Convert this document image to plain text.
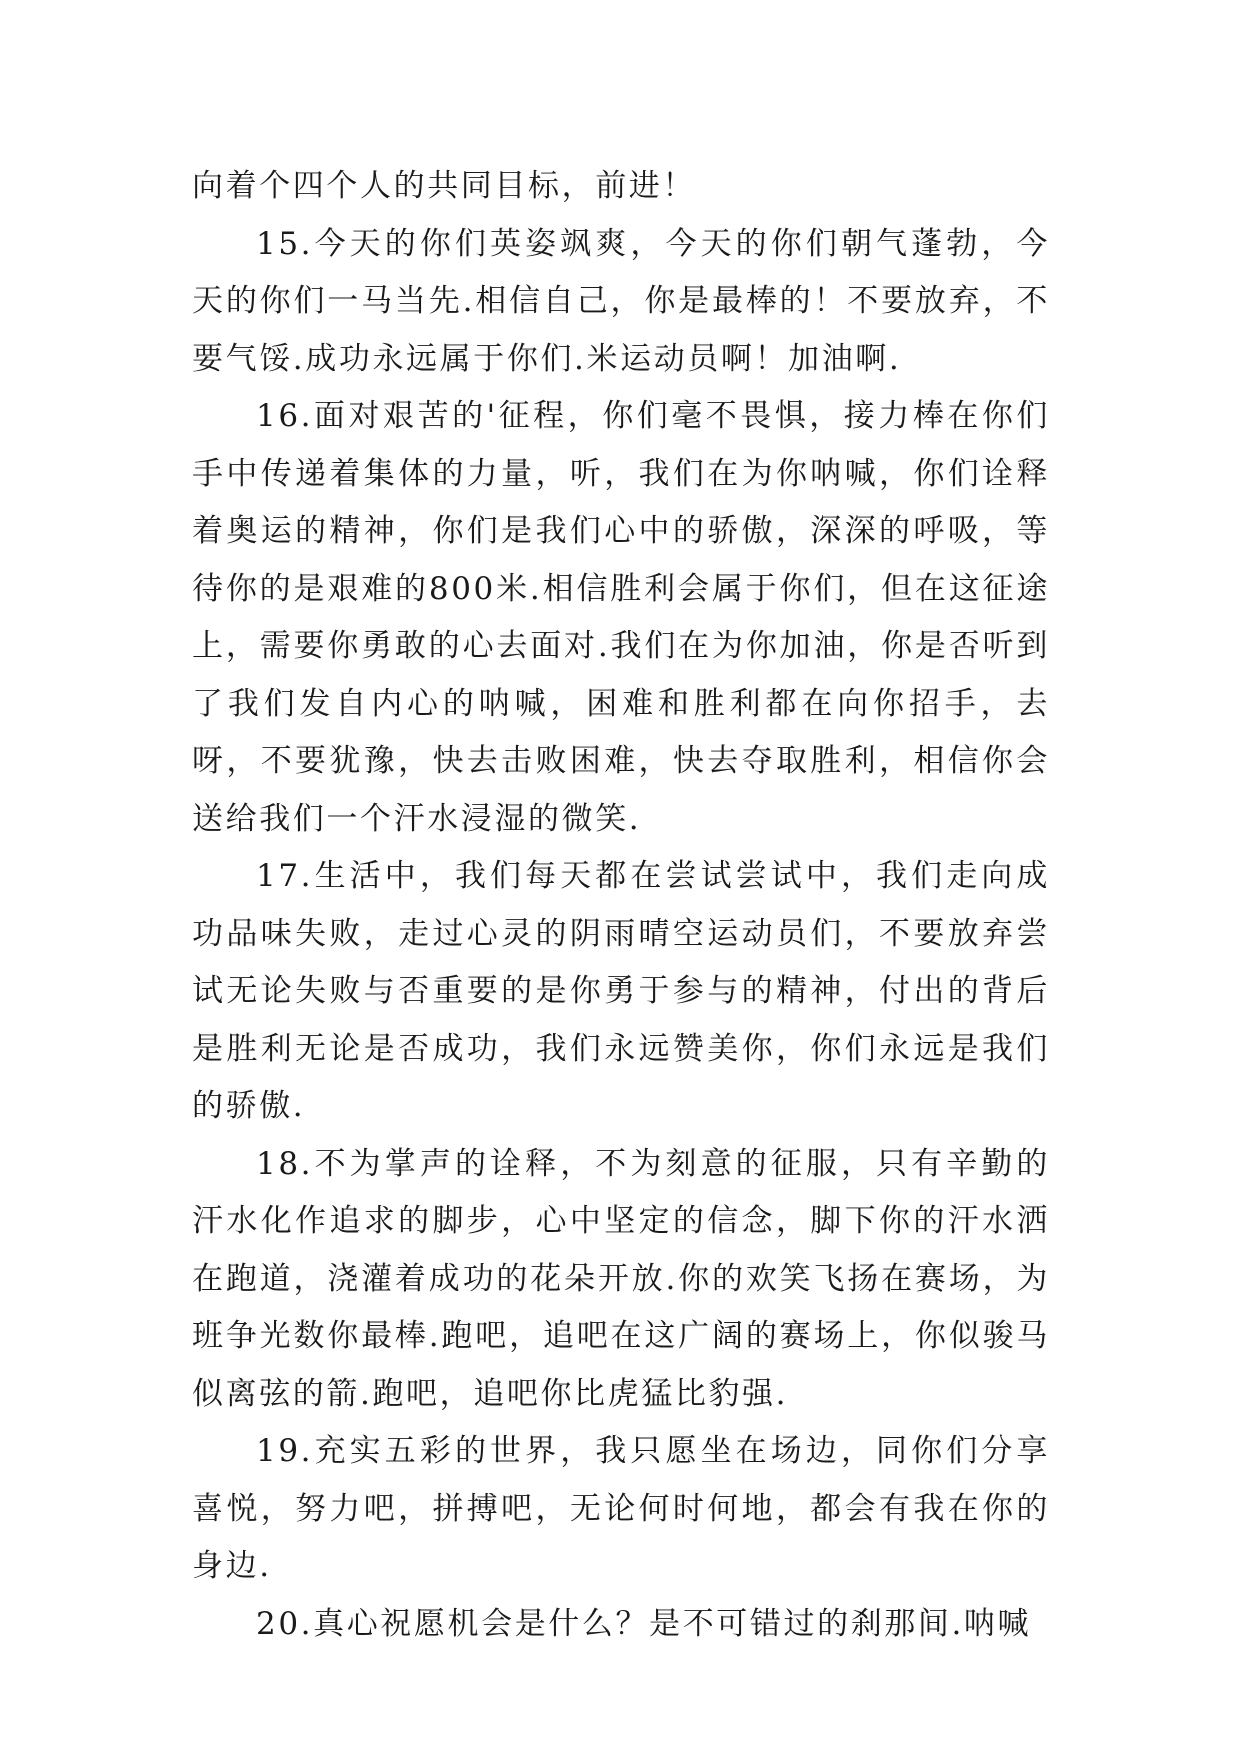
向着个四个人的共同目标，前进！

15.今天的你们英姿飒爽，今天的你们朝气蓬勃，今天的你们一马当先.相信自己，你是最棒的！不要放弃，不要气馁.成功永远属于你们.米运动员啊！加油啊.

16.面对艰苦的'征程，你们毫不畏惧，接力棒在你们手中传递着集体的力量，听，我们在为你呐喊，你们诠释着奥运的精神，你们是我们心中的骄傲，深深的呼吸，等待你的是艰难的800米.相信胜利会属于你们，但在这征途上，需要你勇敢的心去面对.我们在为你加油，你是否听到了我们发自内心的呐喊，困难和胜利都在向你招手，去呀，不要犹豫，快去击败困难，快去夺取胜利，相信你会送给我们一个汗水浸湿的微笑.

17.生活中，我们每天都在尝试尝试中，我们走向成功品味失败，走过心灵的阴雨晴空运动员们，不要放弃尝试无论失败与否重要的是你勇于参与的精神，付出的背后是胜利无论是否成功，我们永远赞美你，你们永远是我们的骄傲.

18.不为掌声的诠释，不为刻意的征服，只有辛勤的汗水化作追求的脚步，心中坚定的信念，脚下你的汗水洒在跑道，浇灌着成功的花朵开放.你的欢笑飞扬在赛场，为班争光数你最棒.跑吧，追吧在这广阔的赛场上，你似骏马似离弦的箭.跑吧，追吧你比虎猛比豹强.

19.充实五彩的世界，我只愿坐在场边，同你们分享喜悦，努力吧，拼搏吧，无论何时何地，都会有我在你的身边.

20.真心祝愿机会是什么？是不可错过的刹那间.呐喊
